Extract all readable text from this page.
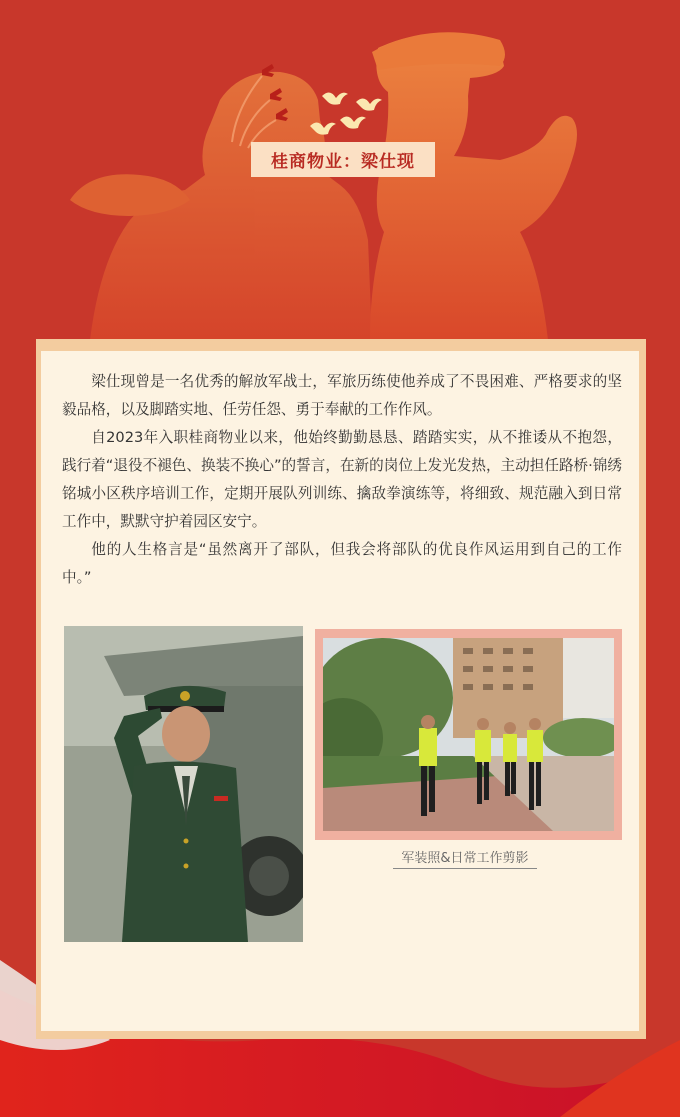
桂商物业：梁仕现

梁仕现曾是一名优秀的解放军战士，军旅历练使他养成了不畏困难、严格要求的坚毅品格，以及脚踏实地、任劳任怨、勇于奉献的工作作风。

自2023年入职桂商物业以来，他始终勤勤恳恳、踏踏实实，从不推诿从不抱怨，践行着“退役不褪色、换装不换心”的誓言，在新的岗位上发光发热，主动担任路桥·锦绣铭城小区秩序培训工作，定期开展队列训练、擒敌拳演练等，将细致、规范融入到日常工作中，默默守护着园区安宁。

他的人生格言是“虽然离开了部队，但我会将部队的优良作风运用到自己的工作中。”

军装照&日常工作剪影
